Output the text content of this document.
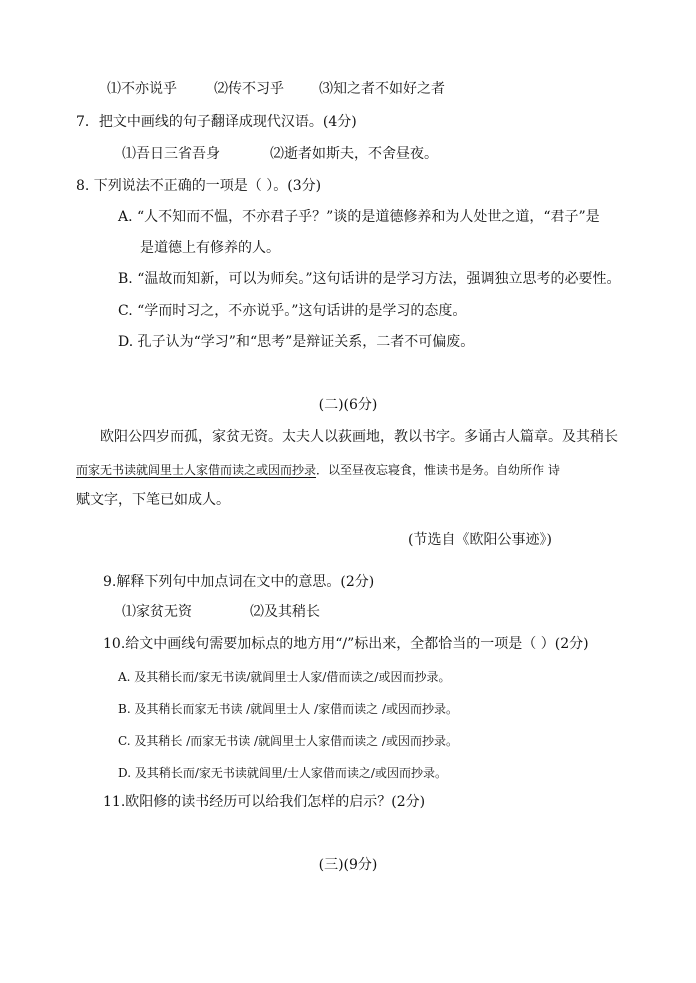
⑴不亦说乎	⑵传不习乎	⑶知之者不如好之者
7．把文中画线的句子翻译成现代汉语。(4分)
⑴吾日三省吾身	⑵逝者如斯夫，不舍昼夜。
8. 下列说法不正确的一项是（ ）。(3分)
A. “人不知而不愠，不亦君子乎？”谈的是道德修养和为人处世之道，“君子”是
是道德上有修养的人。
B. “温故而知新，可以为师矣。”这句话讲的是学习方法，强调独立思考的必要性。
C. “学而时习之，不亦说乎。”这句话讲的是学习的态度。
D. 孔子认为“学习”和“思考”是辩证关系，二者不可偏废。
(二)(6分)
欧阳公四岁而孤，家贫无资。太夫人以荻画地，教以书字。多诵古人篇章。及其稍长
而家无书读就闾里士人家借而读之或因而抄录．以至昼夜忘寝食，惟读书是务。自幼所作 诗
赋文字，下笔已如成人。
(节选自《欧阳公事迹》)
9.解释下列句中加点词在文中的意思。(2分)
⑴家贫无资	⑵及其稍长
10.给文中画线句需要加标点的地方用“/”标出来，全都恰当的一项是（ ）(2分)
A. 及其稍长而/家无书读/就闾里士人家/借而读之/或因而抄录。
B. 及其稍长而家无书读 /就闾里士人 /家借而读之 /或因而抄录。
C. 及其稍长 /而家无书读 /就闾里士人家借而读之 /或因而抄录。
D. 及其稍长而/家无书读就闾里/士人家借而读之/或因而抄录。
11.欧阳修的读书经历可以给我们怎样的启示？(2分)
(三)(9分)
